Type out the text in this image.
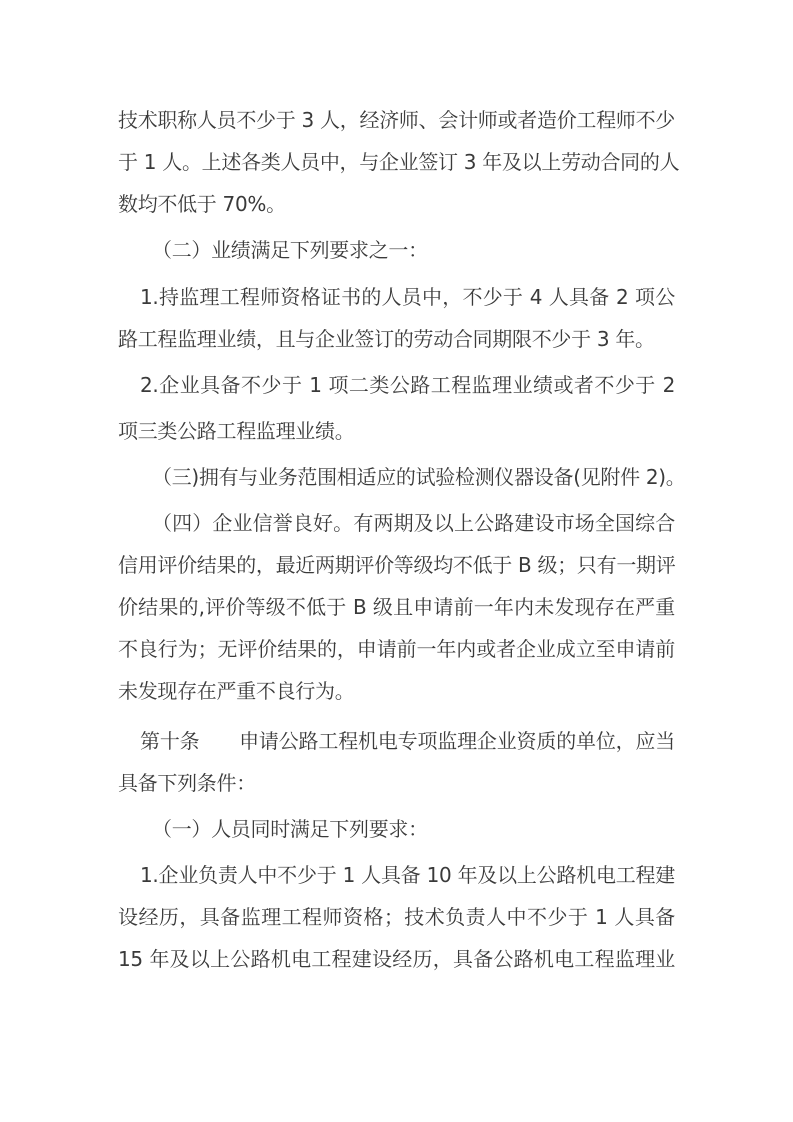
技术职称人员不少于 3 人，经济师、会计师或者造价工程师不少
于 1 人。上述各类人员中，与企业签订 3 年及以上劳动合同的人
数均不低于 70%。
（二）业绩满足下列要求之一：
1.持监理工程师资格证书的人员中，不少于 4 人具备 2 项公
路工程监理业绩，且与企业签订的劳动合同期限不少于 3 年。
2.企业具备不少于 1 项二类公路工程监理业绩或者不少于 2
项三类公路工程监理业绩。
（三)拥有与业务范围相适应的试验检测仪器设备(见附件 2)。
（四）企业信誉良好。有两期及以上公路建设市场全国综合
信用评价结果的，最近两期评价等级均不低于 B 级；只有一期评
价结果的,评价等级不低于 B 级且申请前一年内未发现存在严重
不良行为；无评价结果的，申请前一年内或者企业成立至申请前
未发现存在严重不良行为。
第十条　　申请公路工程机电专项监理企业资质的单位，应当
具备下列条件：
（一）人员同时满足下列要求：
1.企业负责人中不少于 1 人具备 10 年及以上公路机电工程建
设经历，具备监理工程师资格；技术负责人中不少于 1 人具备
15 年及以上公路机电工程建设经历，具备公路机电工程监理业
